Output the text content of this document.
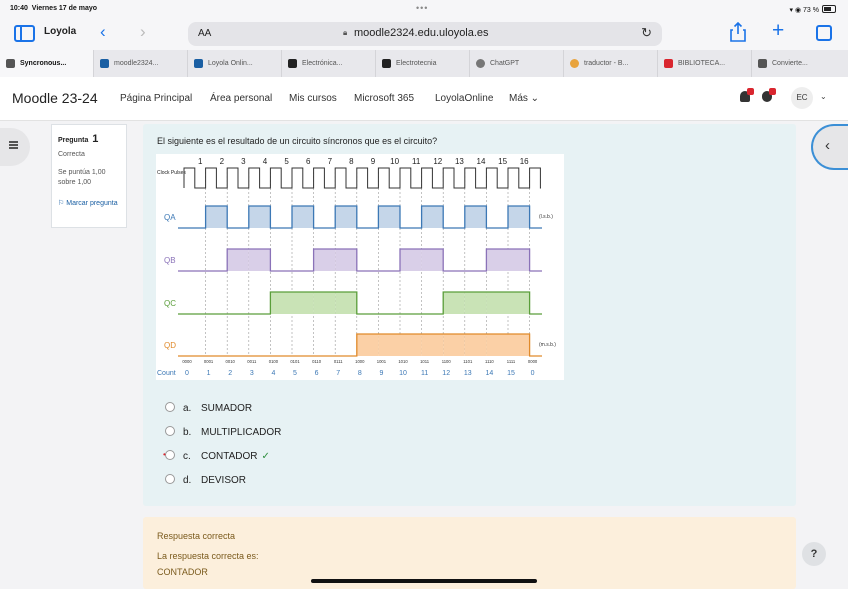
10:40 Viernes 17 de mayo	•••	▾ ◉ 73 %
Loyola ‹ ›	AA	🔒︎ moodle2324.edu.uloyola.es	↻	+
Syncronous...	moodle2324...	Loyola Onlin...	Electrónica...	Electrotecnia	ChatGPT	traductor - B...	BIBLIOTECA...	Convierte...
Moodle 23-24 Página Principal Área personal Mis cursos Microsoft 365 LoyolaOnline Más ⌄	EC	⌄
Pregunta 1
Correcta
Se puntúa 1,00 sobre 1,00
⚐ Marcar pregunta
El siguiente es el resultado de un circuito síncronos que es el circuito?
1 2 3 4 5 6 7 8 9 10 11 12 13 14 15 16
Clock Pulses
QA	(l.s.b.)
QB
QC
QD	(m.s.b.)
0000	0001	0010	0011	0100	0101	0110	0111	1000	1001	1010	1011	1100	1101	1110	1111	0000
Count 0	1	2	3	4	5	6	7	8	9 10 11 12 13 14 15 0
a. SUMADOR
b. MULTIPLICADOR
• c. CONTADOR ✓
d. DEVISOR
‹
Respuesta correcta
La respuesta correcta es:
CONTADOR
?
